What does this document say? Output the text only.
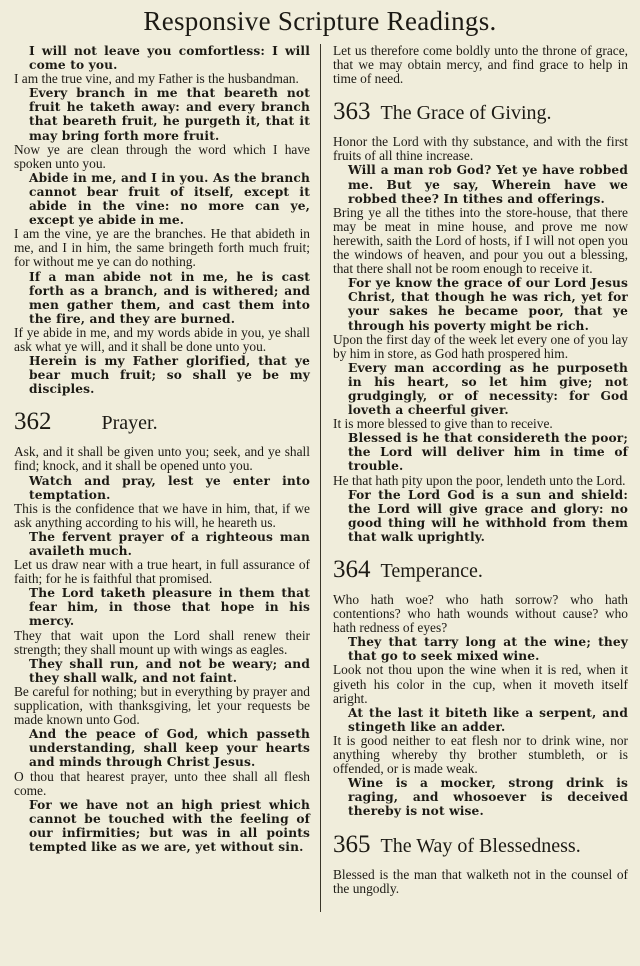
Responsive Scripture Readings.

I will not leave you comfortless: I will come to you.

I am the true vine, and my Father is the husbandman.

Every branch in me that beareth not fruit he taketh away: and every branch that beareth fruit, he purgeth it, that it may bring forth more fruit.

Now ye are clean through the word which I have spoken unto you.

Abide in me, and I in you. As the branch cannot bear fruit of itself, except it abide in the vine: no more can ye, except ye abide in me.

I am the vine, ye are the branches. He that abideth in me, and I in him, the same bringeth forth much fruit; for without me ye can do nothing.

If a man abide not in me, he is cast forth as a branch, and is withered; and men gather them, and cast them into the fire, and they are burned.

If ye abide in me, and my words abide in you, ye shall ask what ye will, and it shall be done unto you.

Herein is my Father glorified, that ye bear much fruit; so shall ye be my disciples.

362	Prayer.

Ask, and it shall be given unto you; seek, and ye shall find; knock, and it shall be opened unto you.

Watch and pray, lest ye enter into temptation.

This is the confidence that we have in him, that, if we ask anything according to his will, he heareth us.

The fervent prayer of a righteous man availeth much.

Let us draw near with a true heart, in full assurance of faith; for he is faithful that promised.

The Lord taketh pleasure in them that fear him, in those that hope in his mercy.

They that wait upon the Lord shall renew their strength; they shall mount up with wings as eagles.

They shall run, and not be weary; and they shall walk, and not faint.

Be careful for nothing; but in everything by prayer and supplication, with thanksgiving, let your requests be made known unto God.

And the peace of God, which passeth understanding, shall keep your hearts and minds through Christ Jesus.

O thou that hearest prayer, unto thee shall all flesh come.

For we have not an high priest which cannot be touched with the feeling of our infirmities; but was in all points tempted like as we are, yet without sin.

Let us therefore come boldly unto the throne of grace, that we may obtain mercy, and find grace to help in time of need.

363 The Grace of Giving.

Honor the Lord with thy substance, and with the first fruits of all thine increase.

Will a man rob God? Yet ye have robbed me. But ye say, Wherein have we robbed thee? In tithes and offerings.

Bring ye all the tithes into the store-house, that there may be meat in mine house, and prove me now herewith, saith the Lord of hosts, if I will not open you the windows of heaven, and pour you out a blessing, that there shall not be room enough to receive it.

For ye know the grace of our Lord Jesus Christ, that though he was rich, yet for your sakes he became poor, that ye through his poverty might be rich.

Upon the first day of the week let every one of you lay by him in store, as God hath prospered him.

Every man according as he purposeth in his heart, so let him give; not grudgingly, or of necessity: for God loveth a cheerful giver.

It is more blessed to give than to receive.

Blessed is he that considereth the poor; the Lord will deliver him in time of trouble.

He that hath pity upon the poor, lendeth unto the Lord.

For the Lord God is a sun and shield: the Lord will give grace and glory: no good thing will he withhold from them that walk uprightly.

364 Temperance.

Who hath woe? who hath sorrow? who hath contentions? who hath wounds without cause? who hath redness of eyes?

They that tarry long at the wine; they that go to seek mixed wine.

Look not thou upon the wine when it is red, when it giveth his color in the cup, when it moveth itself aright.

At the last it biteth like a serpent, and stingeth like an adder.

It is good neither to eat flesh nor to drink wine, nor anything whereby thy brother stumbleth, or is offended, or is made weak.

Wine is a mocker, strong drink is raging, and whosoever is deceived thereby is not wise.

365 The Way of Blessedness.

Blessed is the man that walketh not in the counsel of the ungodly.
